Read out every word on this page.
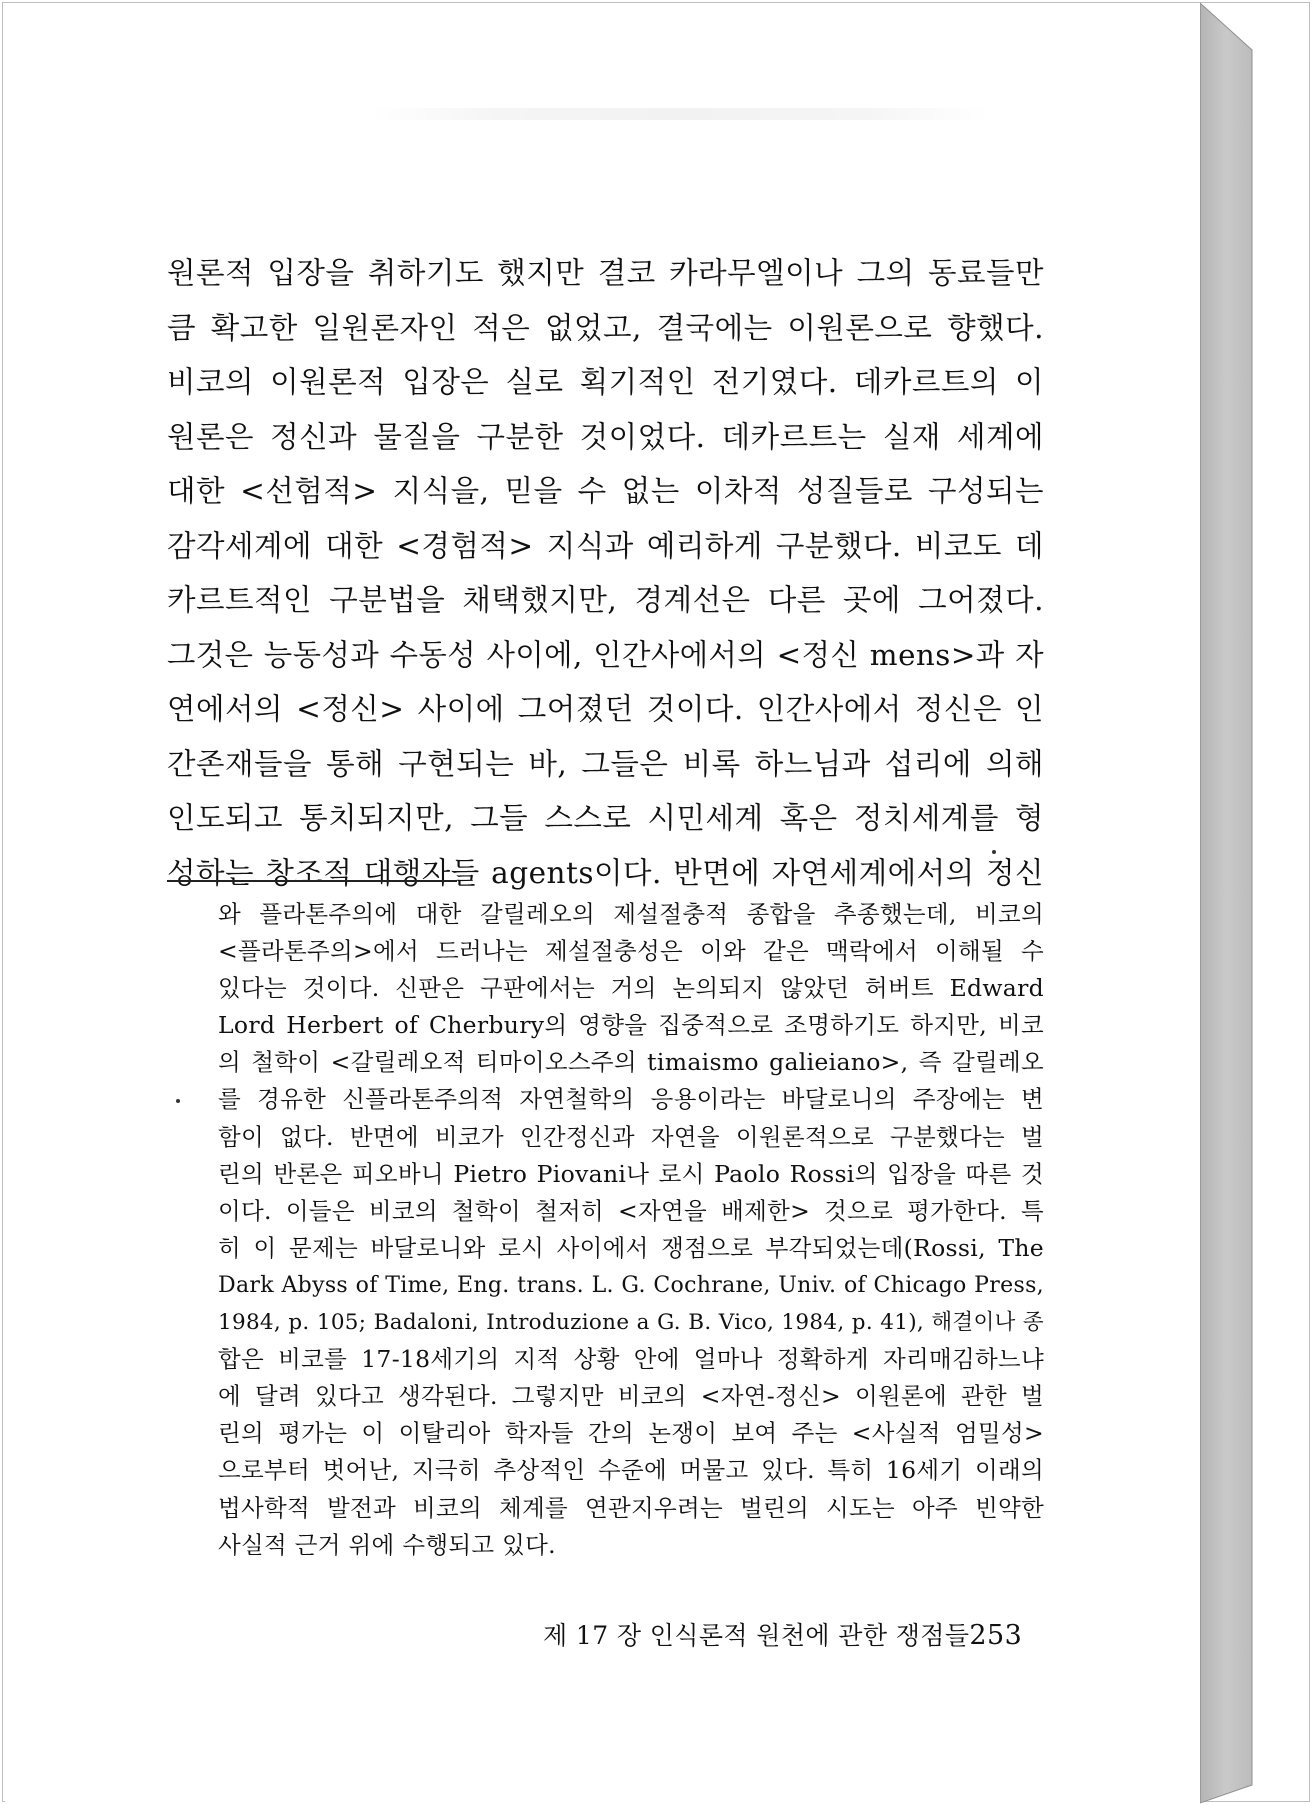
원론적 입장을 취하기도 했지만 결코 카라무엘이나 그의 동료들만
큼 확고한 일원론자인 적은 없었고, 결국에는 이원론으로 향했다.
비코의 이원론적 입장은 실로 획기적인 전기였다. 데카르트의 이
원론은 정신과 물질을 구분한 것이었다. 데카르트는 실재 세계에
대한 <선험적> 지식을, 믿을 수 없는 이차적 성질들로 구성되는
감각세계에 대한 <경험적> 지식과 예리하게 구분했다. 비코도 데
카르트적인 구분법을 채택했지만, 경계선은 다른 곳에 그어졌다.
그것은 능동성과 수동성 사이에, 인간사에서의 <정신 mens>과 자
연에서의 <정신> 사이에 그어졌던 것이다. 인간사에서 정신은 인
간존재들을 통해 구현되는 바, 그들은 비록 하느님과 섭리에 의해
인도되고 통치되지만, 그들 스스로 시민세계 혹은 정치세계를 형
성하는 창조적 대행자들 agents이다. 반면에 자연세계에서의 정신
와 플라톤주의에 대한 갈릴레오의 제설절충적 종합을 추종했는데, 비코의
<플라톤주의>에서 드러나는 제설절충성은 이와 같은 맥락에서 이해될 수
있다는 것이다. 신판은 구판에서는 거의 논의되지 않았던 허버트 Edward
Lord Herbert of Cherbury의 영향을 집중적으로 조명하기도 하지만, 비코
의 철학이 <갈릴레오적 티마이오스주의 timaismo galieiano>, 즉 갈릴레오
를 경유한 신플라톤주의적 자연철학의 응용이라는 바달로니의 주장에는 변
함이 없다. 반면에 비코가 인간정신과 자연을 이원론적으로 구분했다는 벌
린의 반론은 피오바니 Pietro Piovani나 로시 Paolo Rossi의 입장을 따른 것
이다. 이들은 비코의 철학이 철저히 <자연을 배제한> 것으로 평가한다. 특
히 이 문제는 바달로니와 로시 사이에서 쟁점으로 부각되었는데(Rossi, The
Dark Abyss of Time, Eng. trans. L. G. Cochrane, Univ. of Chicago Press,
1984, p. 105; Badaloni, Introduzione a G. B. Vico, 1984, p. 41), 해결이나 종
합은 비코를 17-18세기의 지적 상황 안에 얼마나 정확하게 자리매김하느냐
에 달려 있다고 생각된다. 그렇지만 비코의 <자연-정신> 이원론에 관한 벌
린의 평가는 이 이탈리아 학자들 간의 논쟁이 보여 주는 <사실적 엄밀성>
으로부터 벗어난, 지극히 추상적인 수준에 머물고 있다. 특히 16세기 이래의
법사학적 발전과 비코의 체계를 연관지우려는 벌린의 시도는 아주 빈약한
사실적 근거 위에 수행되고 있다.
제 17 장 인식론적 원천에 관한 쟁점들 253
